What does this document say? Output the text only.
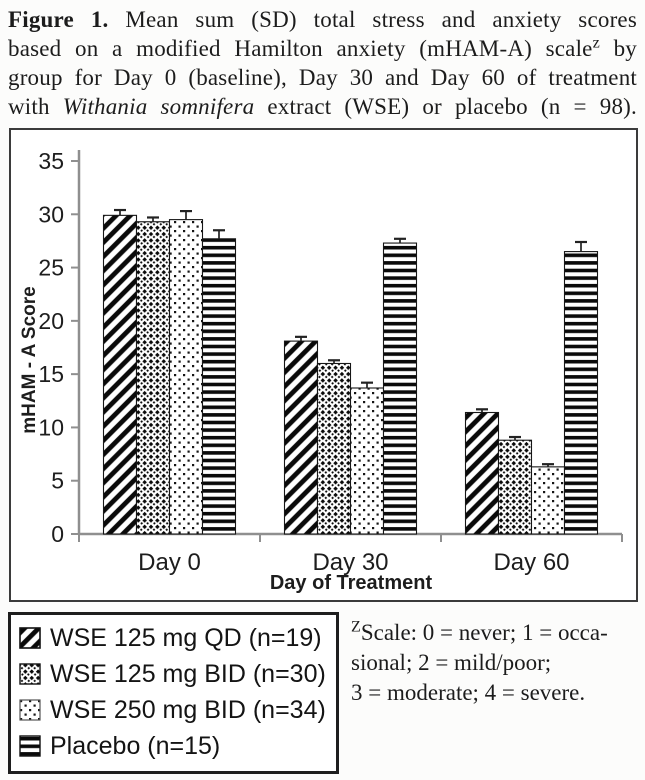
Figure 1. Mean sum (SD) total stress and anxiety scores
based on a modified Hamilton anxiety (mHAM-A) scale$^z$ by
group for Day 0 (baseline), Day 30 and Day 60 of treatment
with Withania somnifera extract (WSE) or placebo (n = 98).
0
5
10
15
20
25
30
35
Day 0	Day 30	Day 60
mHAM - A Score
Day of Treatment
WSE 125 mg QD (n=19)
WSE 125 mg BID (n=30)
WSE 250 mg BID (n=34)
Placebo (n=15)
$^Z$Scale: 0 = never; 1 = occa-
sional; 2 = mild/poor;
3 = moderate; 4 = severe.
